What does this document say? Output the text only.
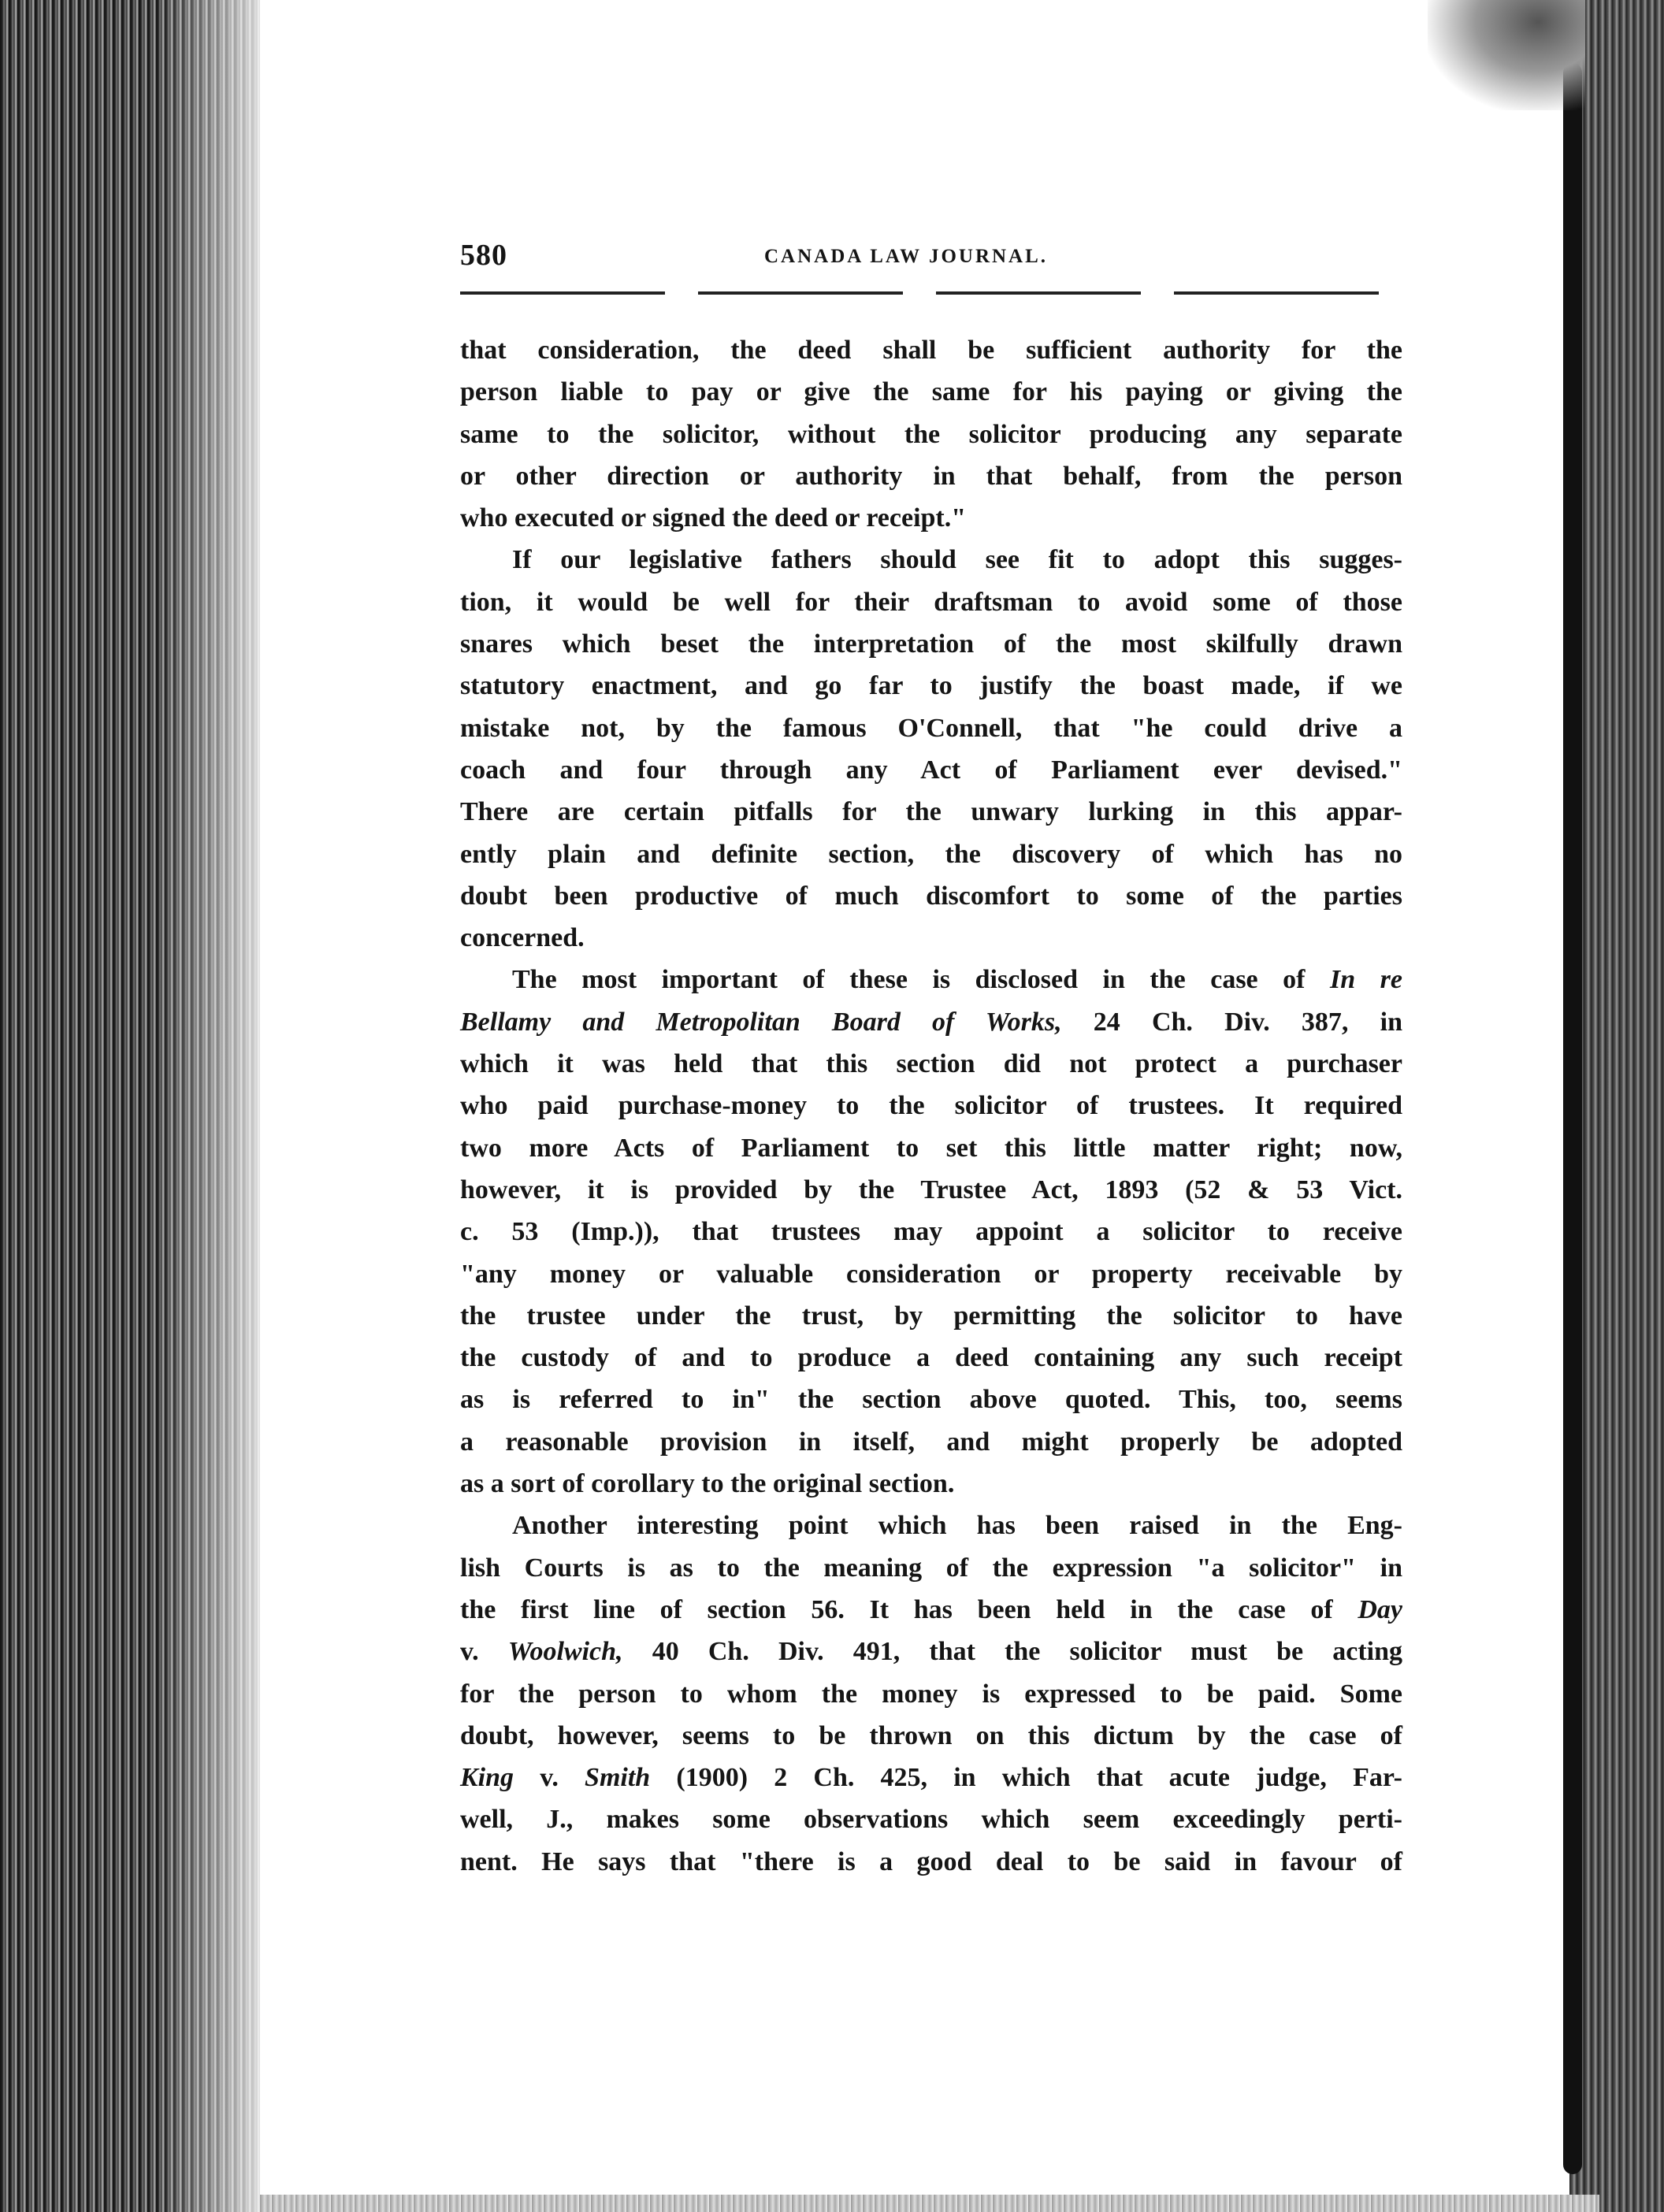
580	CANADA LAW JOURNAL.
that consideration, the deed shall be sufficient authority for the
person liable to pay or give the same for his paying or giving the
same to the solicitor, without the solicitor producing any separate
or other direction or authority in that behalf, from the person
who executed or signed the deed or receipt."
If our legislative fathers should see fit to adopt this sugges-
tion, it would be well for their draftsman to avoid some of those
snares which beset the interpretation of the most skilfully drawn
statutory enactment, and go far to justify the boast made, if we
mistake not, by the famous O'Connell, that "he could drive a
coach and four through any Act of Parliament ever devised."
There are certain pitfalls for the unwary lurking in this appar-
ently plain and definite section, the discovery of which has no
doubt been productive of much discomfort to some of the parties
concerned.
The most important of these is disclosed in the case of In re
Bellamy and Metropolitan Board of Works, 24 Ch. Div. 387, in
which it was held that this section did not protect a purchaser
who paid purchase-money to the solicitor of trustees. It required
two more Acts of Parliament to set this little matter right; now,
however, it is provided by the Trustee Act, 1893 (52 & 53 Vict.
c. 53 (Imp.)), that trustees may appoint a solicitor to receive
"any money or valuable consideration or property receivable by
the trustee under the trust, by permitting the solicitor to have
the custody of and to produce a deed containing any such receipt
as is referred to in" the section above quoted. This, too, seems
a reasonable provision in itself, and might properly be adopted
as a sort of corollary to the original section.
Another interesting point which has been raised in the Eng-
lish Courts is as to the meaning of the expression "a solicitor" in
the first line of section 56. It has been held in the case of Day
v. Woolwich, 40 Ch. Div. 491, that the solicitor must be acting
for the person to whom the money is expressed to be paid. Some
doubt, however, seems to be thrown on this dictum by the case of
King v. Smith (1900) 2 Ch. 425, in which that acute judge, Far-
well, J., makes some observations which seem exceedingly perti-
nent. He says that "there is a good deal to be said in favour of
